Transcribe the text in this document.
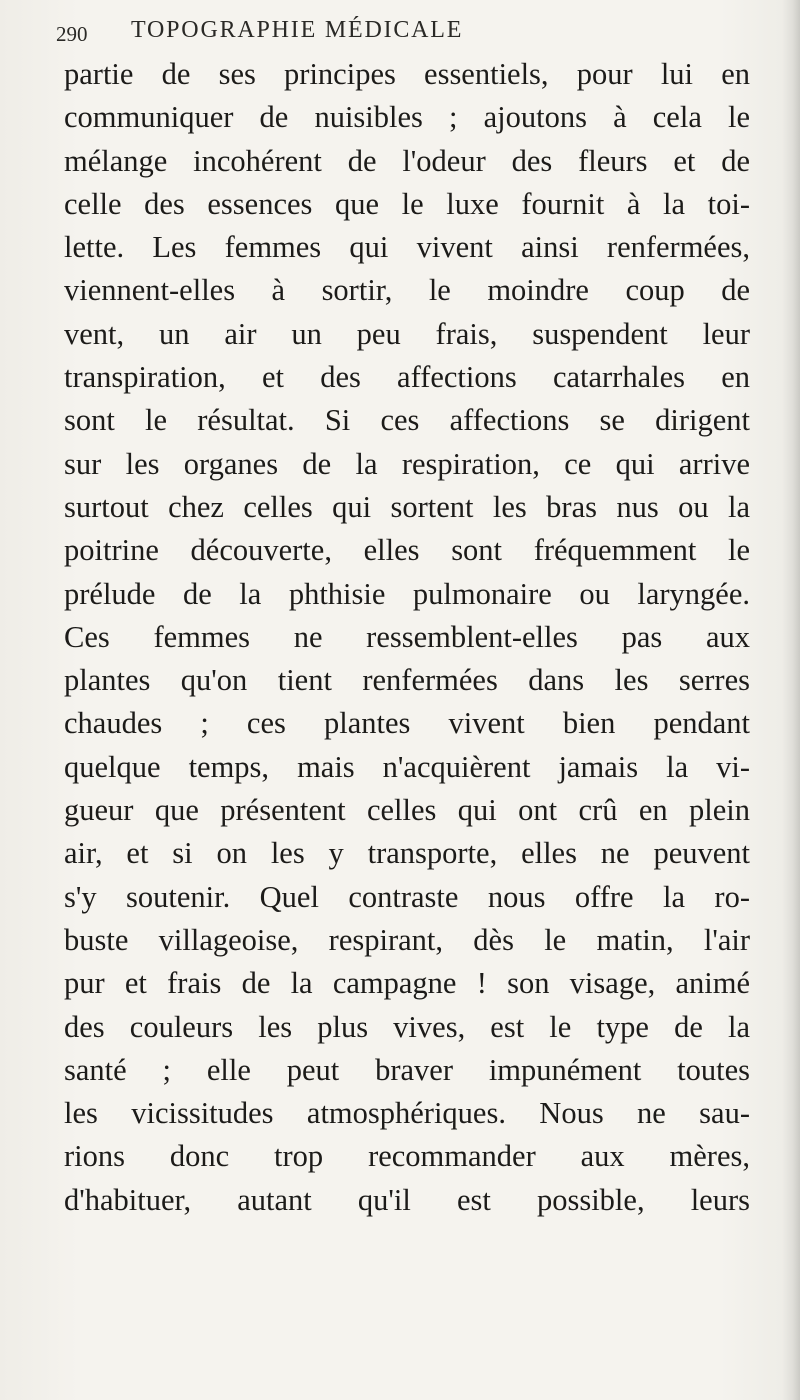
290 TOPOGRAPHIE MÉDICALE
partie de ses principes essentiels, pour lui en
communiquer de nuisibles ; ajoutons à cela le
mélange incohérent de l'odeur des fleurs et de
celle des essences que le luxe fournit à la toi-
lette. Les femmes qui vivent ainsi renfermées,
viennent-elles à sortir, le moindre coup de
vent, un air un peu frais, suspendent leur
transpiration, et des affections catarrhales en
sont le résultat. Si ces affections se dirigent
sur les organes de la respiration, ce qui arrive
surtout chez celles qui sortent les bras nus ou la
poitrine découverte, elles sont fréquemment le
prélude de la phthisie pulmonaire ou laryngée.
Ces femmes ne ressemblent-elles pas aux
plantes qu'on tient renfermées dans les serres
chaudes ; ces plantes vivent bien pendant
quelque temps, mais n'acquièrent jamais la vi-
gueur que présentent celles qui ont crû en plein
air, et si on les y transporte, elles ne peuvent
s'y soutenir. Quel contraste nous offre la ro-
buste villageoise, respirant, dès le matin, l'air
pur et frais de la campagne ! son visage, animé
des couleurs les plus vives, est le type de la
santé ; elle peut braver impunément toutes
les vicissitudes atmosphériques. Nous ne sau-
rions donc trop recommander aux mères,
d'habituer, autant qu'il est possible, leurs
